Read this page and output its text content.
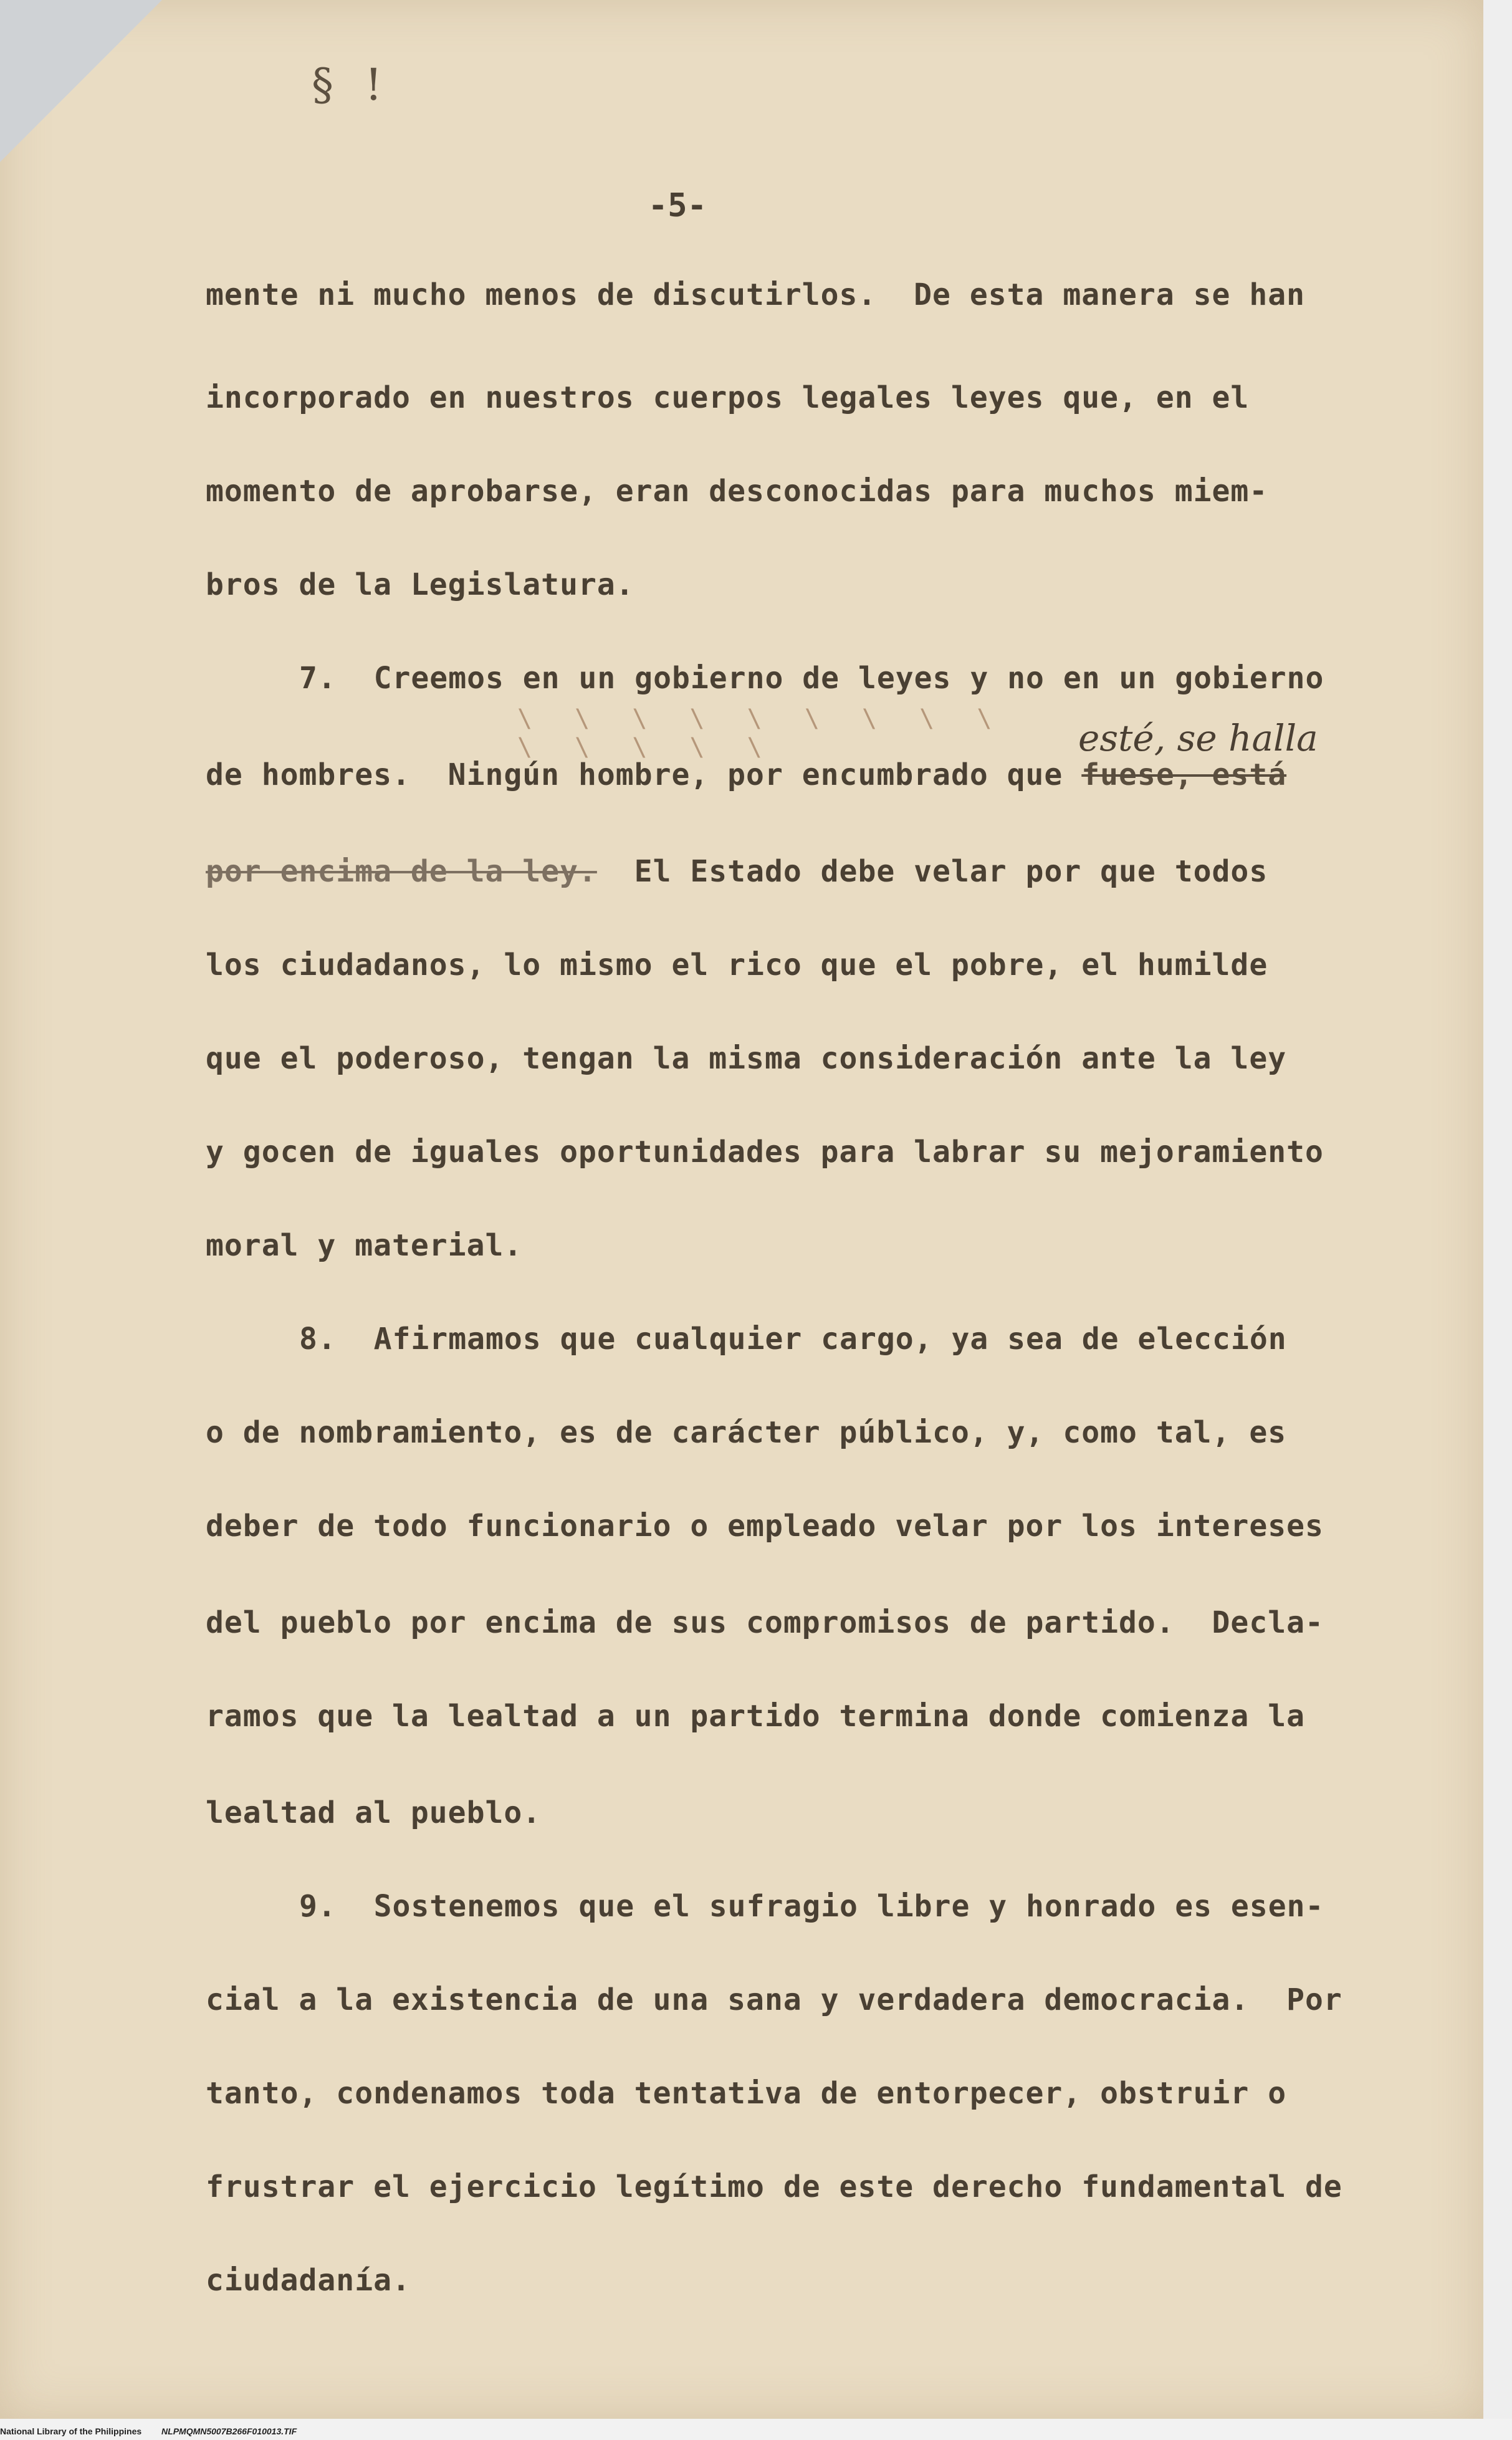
§ !
-5-
mente ni mucho menos de discutirlos.  De esta manera se han
incorporado en nuestros cuerpos legales leyes que, en el
momento de aprobarse, eran desconocidas para muchos miem-
bros de la Legislatura.
7.  Creemos en un gobierno de leyes y no en un gobierno
\ \ \ \ \ \ \ \ \ \ \ \ \ \	esté, se halla
de hombres.  Ningún hombre, por encumbrado que fuese, está
por encima de la ley. El Estado debe velar por que todos
los ciudadanos, lo mismo el rico que el pobre, el humilde
que el poderoso, tengan la misma consideración ante la ley
y gocen de iguales oportunidades para labrar su mejoramiento
moral y material.
8.  Afirmamos que cualquier cargo, ya sea de elección
o de nombramiento, es de carácter público, y, como tal, es
deber de todo funcionario o empleado velar por los intereses
del pueblo por encima de sus compromisos de partido.  Decla-
ramos que la lealtad a un partido termina donde comienza la
lealtad al pueblo.
9.  Sostenemos que el sufragio libre y honrado es esen-
cial a la existencia de una sana y verdadera democracia.  Por
tanto, condenamos toda tentativa de entorpecer, obstruir o
frustrar el ejercicio legítimo de este derecho fundamental de
ciudadanía.
National Library of the Philippines NLPMQMN5007B266F010013.TIF
